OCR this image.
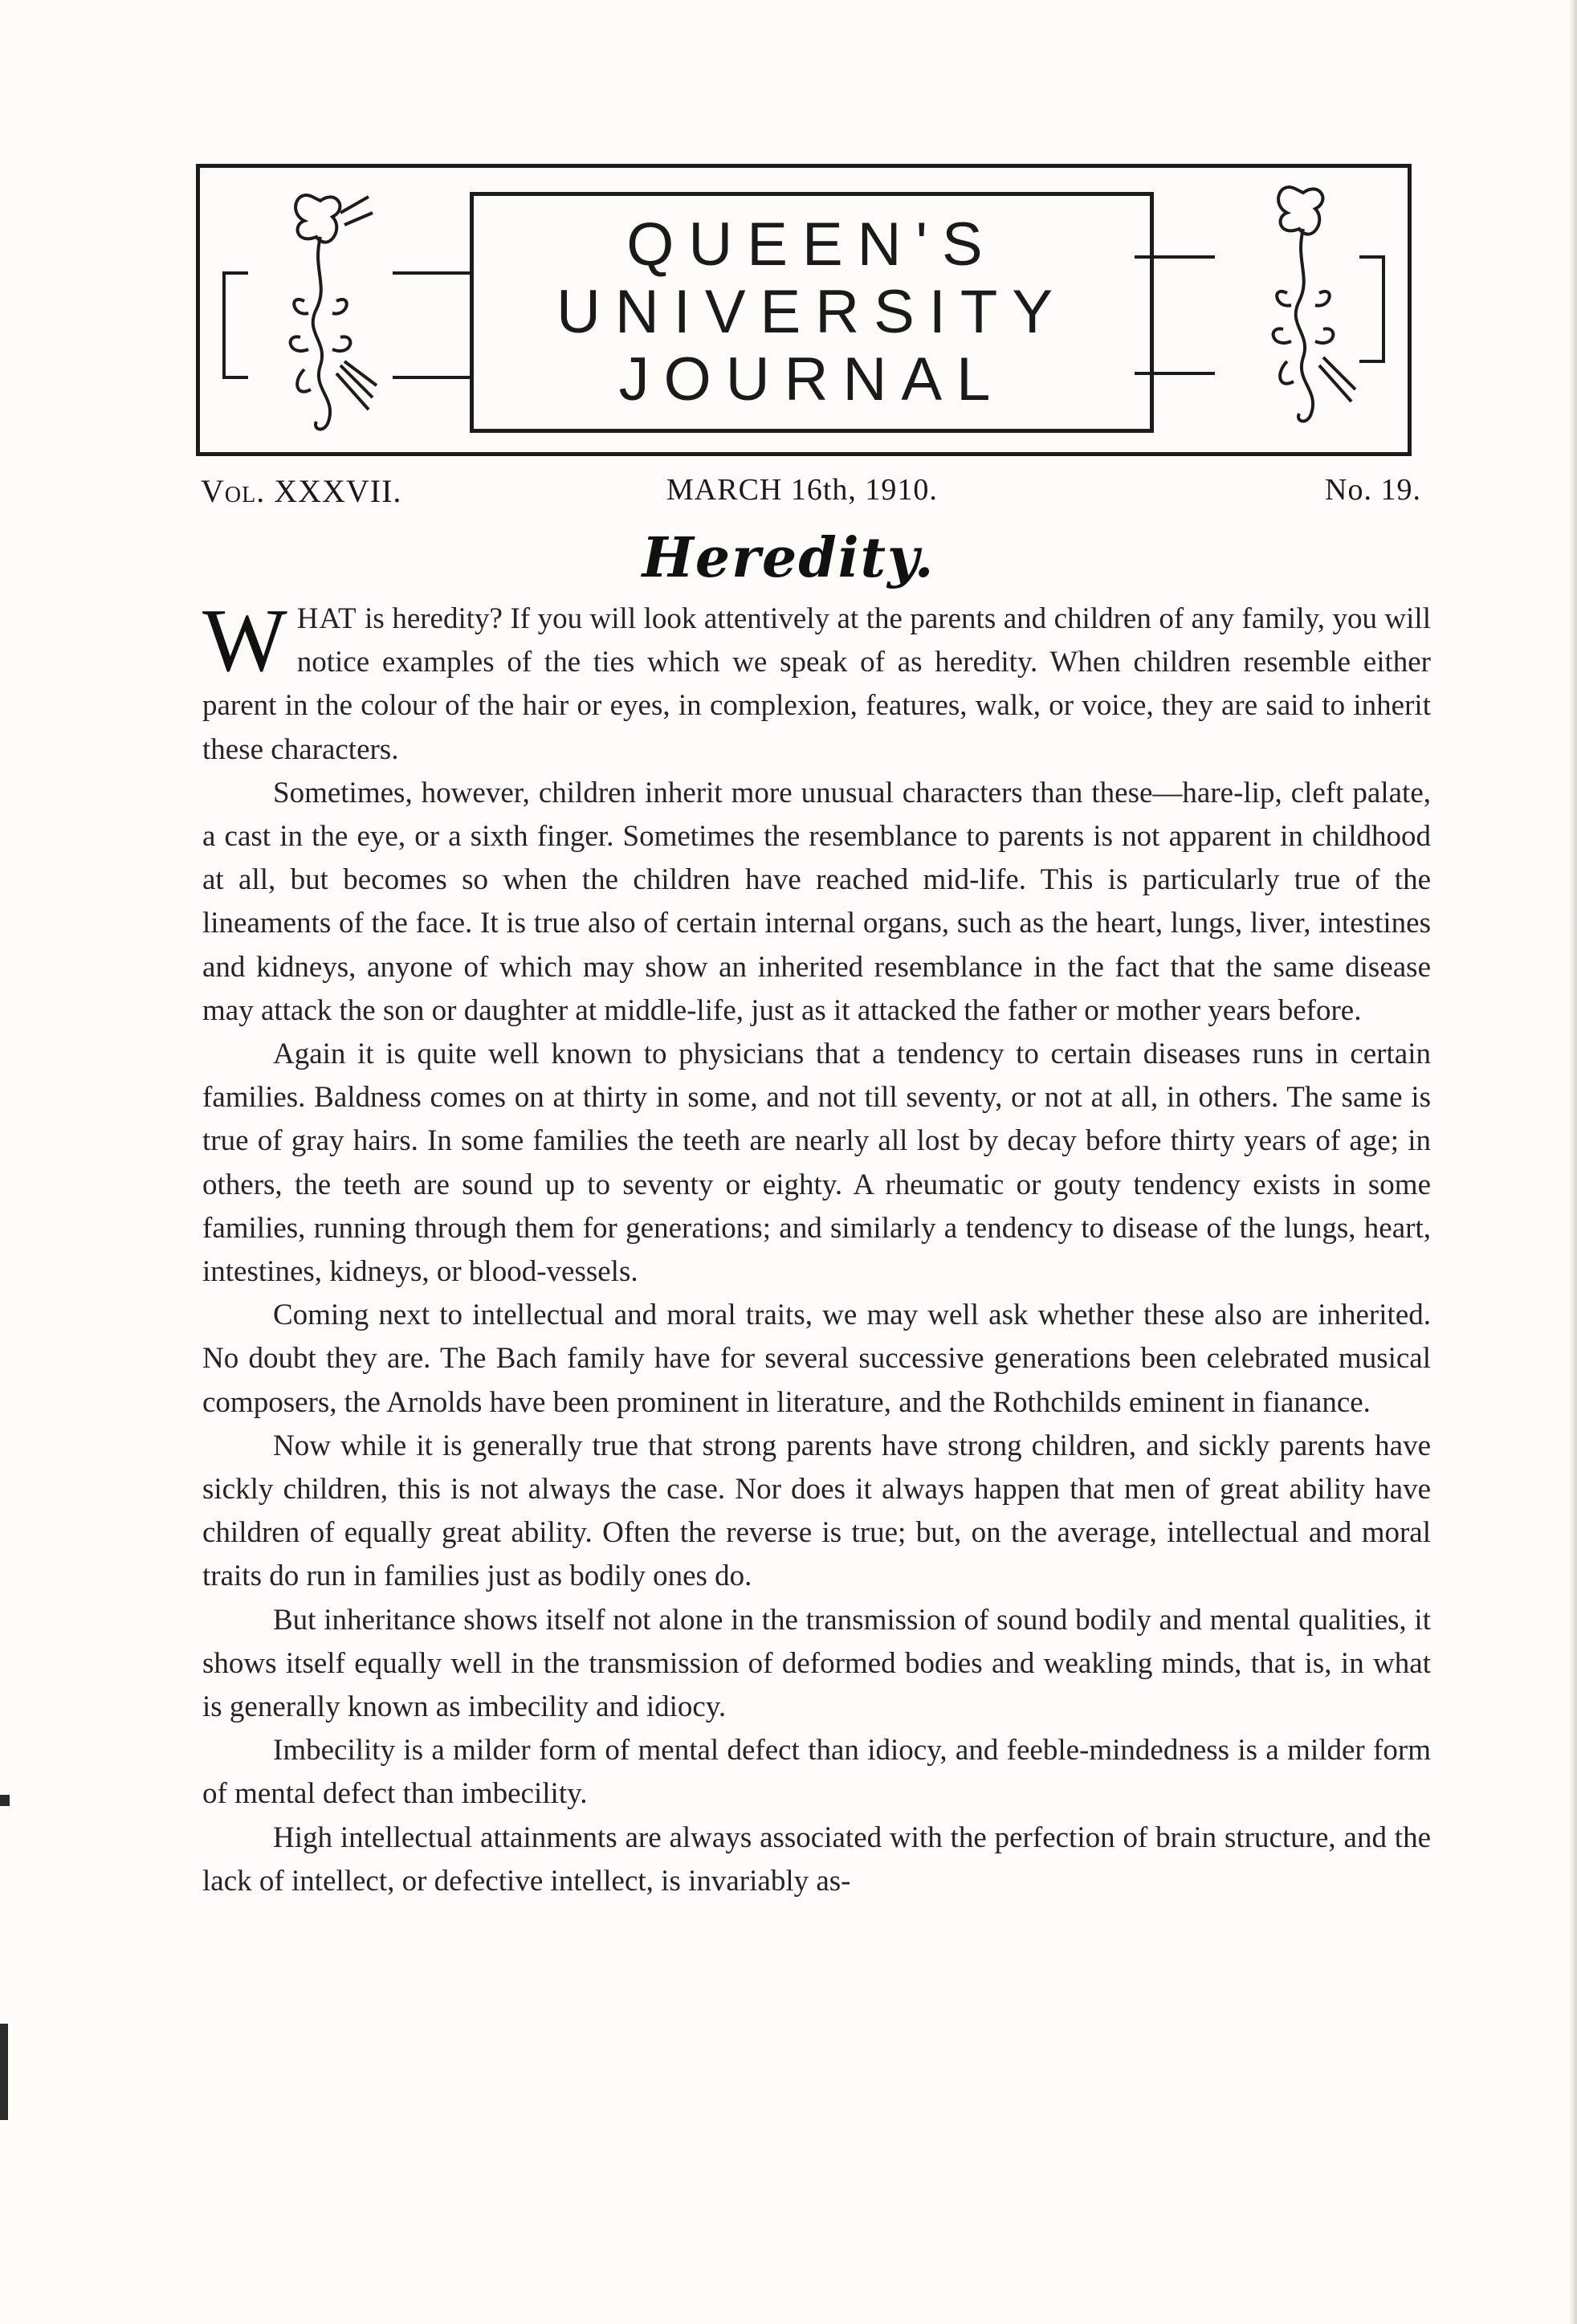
QUEEN'S
UNIVERSITY
JOURNAL
Vol. XXXVII.	MARCH 16th, 1910.	No. 19.
Heredity.

WHAT is heredity? If you will look attentively at the parents and children of any family, you will notice examples of the ties which we speak of as heredity. When children resemble either parent in the colour of the hair or eyes, in complexion, features, walk, or voice, they are said to inherit these characters.

Sometimes, however, children inherit more unusual characters than these—hare-lip, cleft palate, a cast in the eye, or a sixth finger. Sometimes the resemblance to parents is not apparent in childhood at all, but becomes so when the children have reached mid-life. This is particularly true of the lineaments of the face. It is true also of certain internal organs, such as the heart, lungs, liver, intestines and kidneys, anyone of which may show an inherited resemblance in the fact that the same disease may attack the son or daughter at middle-life, just as it attacked the father or mother years before.

Again it is quite well known to physicians that a tendency to certain diseases runs in certain families. Baldness comes on at thirty in some, and not till seventy, or not at all, in others. The same is true of gray hairs. In some families the teeth are nearly all lost by decay before thirty years of age; in others, the teeth are sound up to seventy or eighty. A rheumatic or gouty tendency exists in some families, running through them for generations; and similarly a tendency to disease of the lungs, heart, intestines, kidneys, or blood-vessels.

Coming next to intellectual and moral traits, we may well ask whether these also are inherited. No doubt they are. The Bach family have for several successive generations been celebrated musical composers, the Arnolds have been prominent in literature, and the Rothchilds eminent in fianance.

Now while it is generally true that strong parents have strong children, and sickly parents have sickly children, this is not always the case. Nor does it always happen that men of great ability have children of equally great ability. Often the reverse is true; but, on the average, intellectual and moral traits do run in families just as bodily ones do.

But inheritance shows itself not alone in the transmission of sound bodily and mental qualities, it shows itself equally well in the transmission of deformed bodies and weakling minds, that is, in what is generally known as imbecility and idiocy.

Imbecility is a milder form of mental defect than idiocy, and feeble-mindedness is a milder form of mental defect than imbecility.

High intellectual attainments are always associated with the perfection of brain structure, and the lack of intellect, or defective intellect, is invariably as-
